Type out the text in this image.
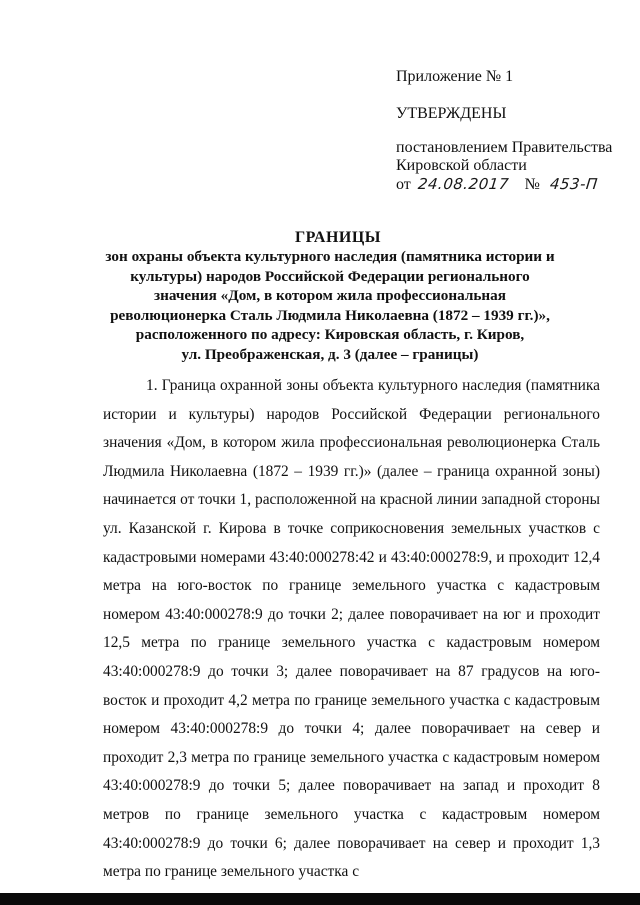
Приложение № 1
УТВЕРЖДЕНЫ
постановлением Правительства
Кировской области
от 24.08.2017 № 453-П
ГРАНИЦЫ
зон охраны объекта культурного наследия (памятника истории и
культуры) народов Российской Федерации регионального
значения «Дом, в котором жила профессиональная
революционерка Сталь Людмила Николаевна (1872 – 1939 гг.)»,
расположенного по адресу: Кировская область, г. Киров,
ул. Преображенская, д. 3 (далее – границы)

1. Граница охранной зоны объекта культурного наследия (памятника истории и культуры) народов Российской Федерации регионального значения «Дом, в котором жила профессиональная революционерка Сталь Людмила Николаевна (1872 – 1939 гг.)» (далее – граница охранной зоны) начинается от точки 1, расположенной на красной линии западной стороны ул. Казанской г. Кирова в точке соприкосновения земельных участков с кадастровыми номерами 43:40:000278:42 и 43:40:000278:9, и проходит 12,4 метра на юго-восток по границе земельного участка с кадастровым номером 43:40:000278:9 до точки 2; далее поворачивает на юг и проходит 12,5 метра по границе земельного участка с кадастровым номером 43:40:000278:9 до точки 3; далее поворачивает на 87 градусов на юго-восток и проходит 4,2 метра по границе земельного участка с кадастровым номером 43:40:000278:9 до точки 4; далее поворачивает на север и проходит 2,3 метра по границе земельного участка с кадастровым номером 43:40:000278:9 до точки 5; далее поворачивает на запад и проходит 8 метров по границе земельного участка с кадастровым номером 43:40:000278:9 до точки 6; далее поворачивает на север и проходит 1,3 метра по границе земельного участка с
